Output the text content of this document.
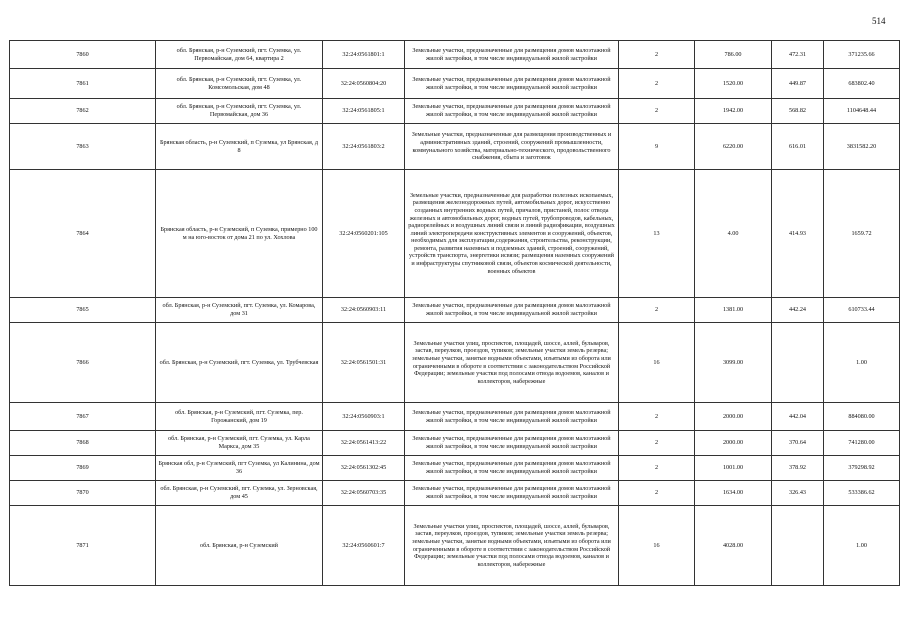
514
7860	обл. Брянская, р-н Суземский, пгт. Суземка, ул. Первомайская, дом 64, квартира 2	32:24:0561801:1	Земельные участки, предназначенные для размещения домов малоэтажной жилой застройки, в том числе индивидуальной жилой застройки	2	786.00	472.31	371235.66
7861	обл. Брянская, р-н Суземский, пгт. Суземка, ул. Комсомольская, дом 48	32:24:0560804:20	Земельные участки, предназначенные для размещения домов малоэтажной жилой застройки, в том числе индивидуальной жилой застройки	2	1520.00	449.87	683802.40
7862	обл. Брянская, р-н Суземский, пгт. Суземка, ул. Первомайская, дом 36	32:24:0561805:1	Земельные участки, предназначенные для размещения домов малоэтажной жилой застройки, в том числе индивидуальной жилой застройки	2	1942.00	568.82	1104648.44
7863	Брянская область, р-н Суземский, п Суземка, ул Брянская, д 8	32:24:0561803:2	Земельные участки, предназначенные для размещения производственных и административных зданий, строений, сооружений промышленности, коммунального хозяйства, материально-технического, продовольственного снабжения, сбыта и заготовок	9	6220.00	616.01	3831582.20
7864	Брянская область, р-н Суземский, п Суземка, примерно 100 м на юго-восток от дома 21 по ул. Хохлова	32:24:0560201:105	Земельные участки, предназначенные для разработки полезных ископаемых, размещения железнодорожных путей, автомобильных дорог, искусственно созданных внутренних водных путей, причалов, пристаней, полос отвода железных и автомобильных дорог, водных путей, трубопроводов, кабельных, радиорелейных и воздушных линий связи и линий радиофикации, воздушных линий электропередачи конструктивных элементов и сооружений, объектов, необходимых для эксплуатации,содержания, строительства, реконструкции, ремонта, развития наземных и подземных зданий, строений, сооружений, устройств транспорта, энергетики исвязи; размещения наземных сооружений и инфраструктуры спутниковой связи, объектов космической деятельности, военных объектов	13	4.00	414.93	1659.72
7865	обл. Брянская, р-н Суземский, пгт. Суземка, ул. Комарова, дом 31	32:24:0560903:11	Земельные участки, предназначенные для размещения домов малоэтажной жилой застройки, в том числе индивидуальной жилой застройки	2	1381.00	442.24	610733.44
7866	обл. Брянская, р-н Суземский, пгт. Суземка, ул. Трубчевская	32:24:0561501:31	Земельные участки улиц, проспектов, площадей, шоссе, аллей, бульваров, застав, переулков, проездов, тупиков; земельные участки земель резерва; земельные участки, занятые водными объектами, изъятыми из оборота или ограниченными в обороте в соответствии с законодательством Российской Федерации; земельные участки под полосами отвода водоемов, каналов и коллекторов, набережные	16	3099.00		1.00
7867	обл. Брянская, р-н Суземский, пгт. Суземка, пер. Горожанский, дом 19	32:24:0560903:1	Земельные участки, предназначенные для размещения домов малоэтажной жилой застройки, в том числе индивидуальной жилой застройки	2	2000.00	442.04	884080.00
7868	обл. Брянская, р-н Суземский, пгт. Суземка, ул. Карла Маркса, дом 35	32:24:0561413:22	Земельные участки, предназначенные для размещения домов малоэтажной жилой застройки, в том числе индивидуальной жилой застройки	2	2000.00	370.64	741280.00
7869	Брянская обл, р-н Суземский, пгт Суземка, ул Калинина, дом 36	32:24:0561302:45	Земельные участки, предназначенные для размещения домов малоэтажной жилой застройки, в том числе индивидуальной жилой застройки	2	1001.00	378.92	379298.92
7870	обл. Брянская, р-н Суземский, пгт. Суземка, ул. Зерновская, дом 45	32:24:0560703:35	Земельные участки, предназначенные для размещения домов малоэтажной жилой застройки, в том числе индивидуальной жилой застройки	2	1634.00	326.43	533386.62
7871	обл. Брянская, р-н Суземский	32:24:0560601:7	Земельные участки улиц, проспектов, площадей, шоссе, аллей, бульваров, застав, переулков, проездов, тупиков; земельные участки земель резерва; земельные участки, занятые водными объектами, изъятыми из оборота или ограниченными в обороте в соответствии с законодательством Российской Федерации; земельные участки под полосами отвода водоемов, каналов и коллекторов, набережные	16	4028.00		1.00
